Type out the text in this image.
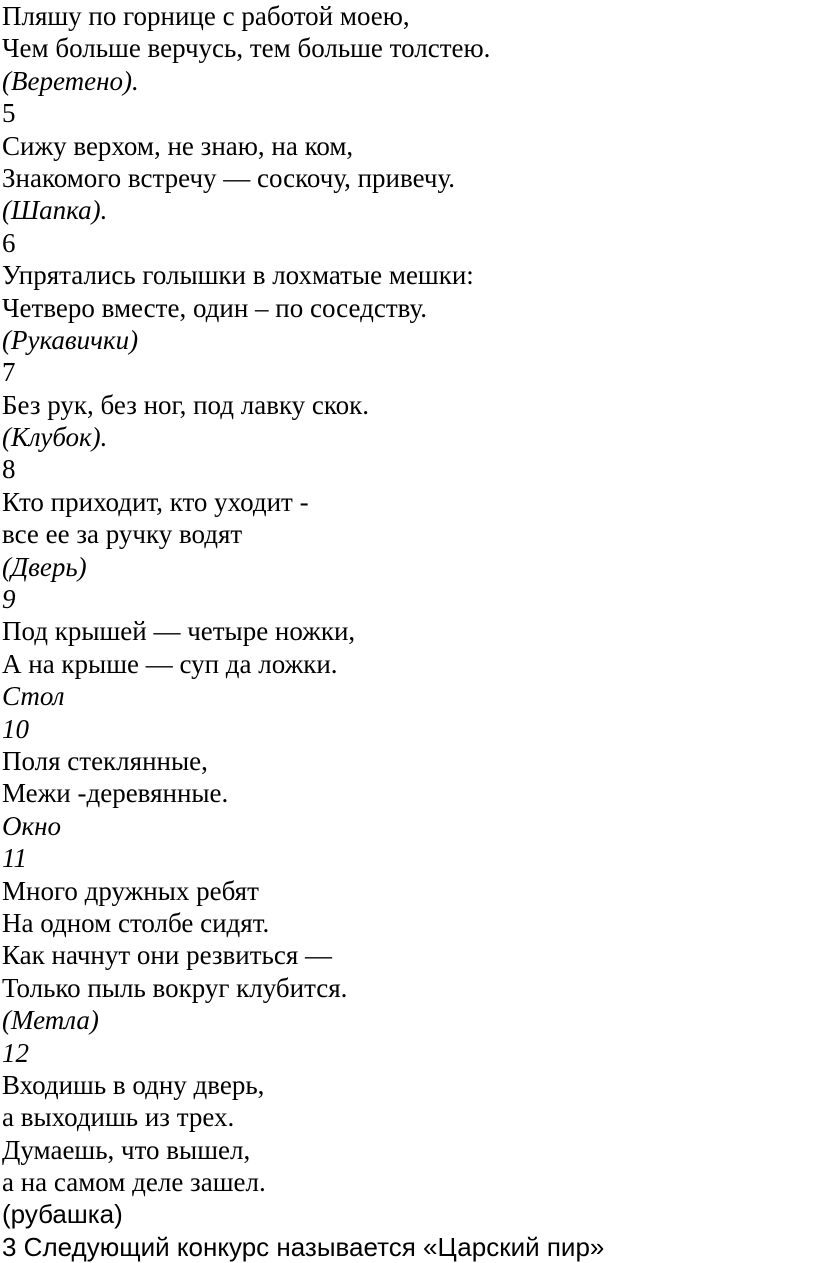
Пляшу по горнице с работой моею,

Чем больше верчусь, тем больше толстею.

(Веретено).

5

Сижу верхом, не знаю, на ком,

Знакомого встречу — соскочу, привечу.

(Шапка).

6

Упрятались голышки в лохматые мешки:

Четверо вместе, один – по соседству.

(Рукавички)

7

Без рук, без ног, под лавку скок.

(Клубок).

8

Кто приходит, кто уходит -

все ее за ручку водят

(Дверь)

9

Под крышей — четыре ножки,

А на крыше — суп да ложки.

Стол

10

Поля стеклянные,

Межи -деревянные.

Окно

11

Много дружных ребят

На одном столбе сидят.

Как начнут они резвиться —

Только пыль вокруг клубится.

(Метла)

12

Входишь в одну дверь,

а выходишь из трех.

Думаешь, что вышел,

а на самом деле зашел.

(рубашка)

3 Следующий конкурс называется «Царский пир»
